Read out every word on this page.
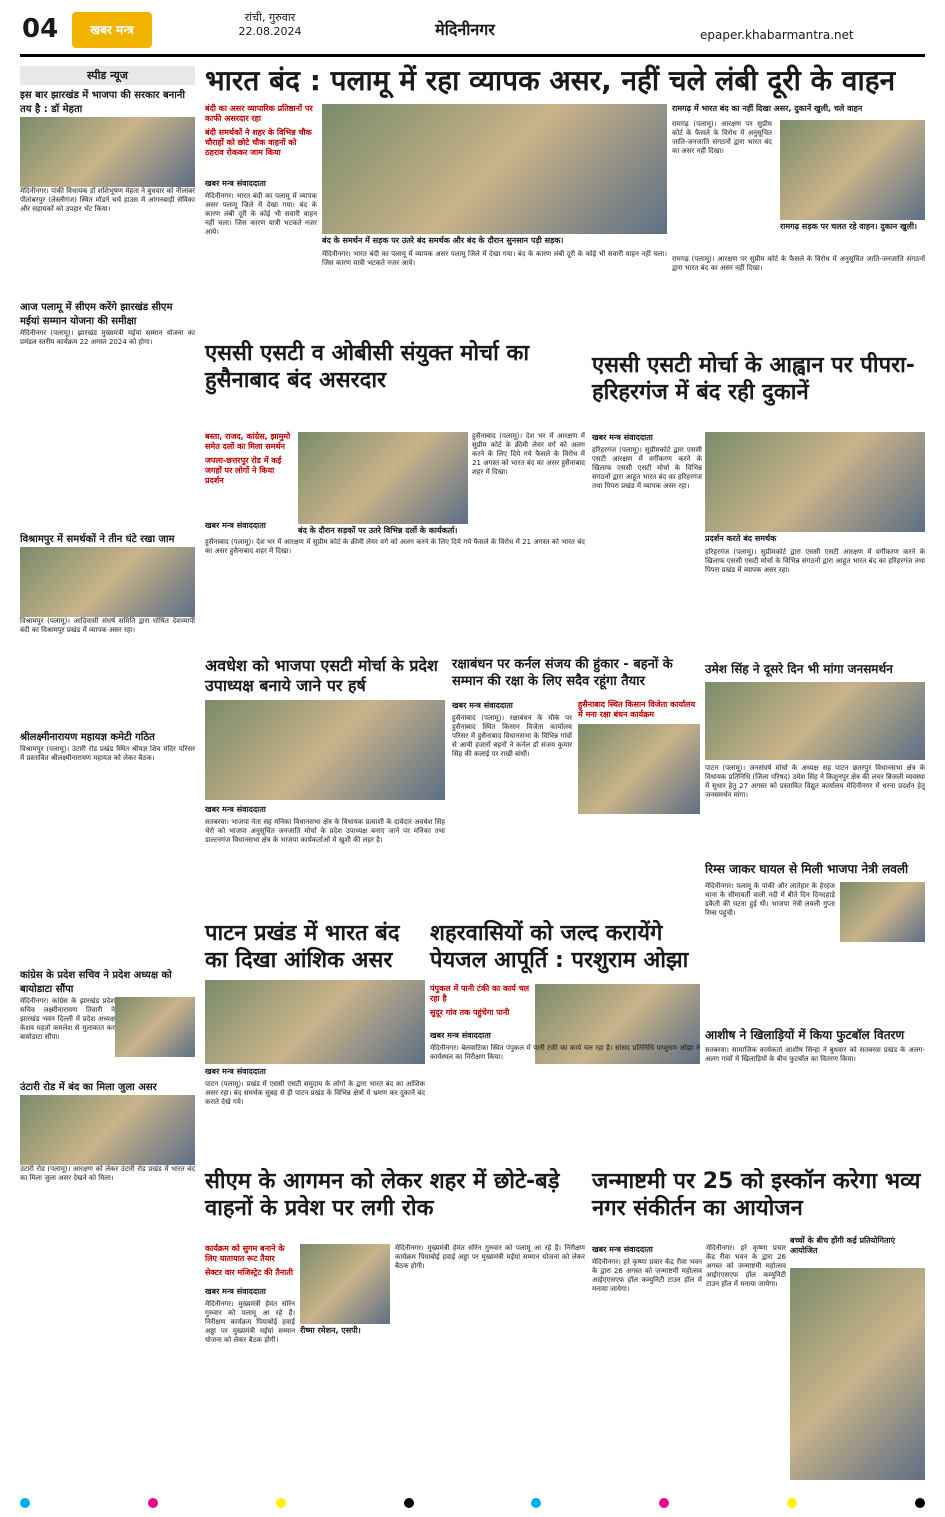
04	खबर मन्त्र
रांची, गुरुवार
22.08.2024	मेदिनीनगर	epaper.khabarmantra.net
स्पीड न्यूज
इस बार झारखंड में भाजपा की सरकार बनानी तय है : डॉ मेहता
मेदिनीनगर। पांकी विधायक डॉ शशिभूषण मेहता ने बुधवार को नीलांबर पीतांबरपुर (लेस्लीगंज) स्थित मॉडर्न चर्च हाउस में आंगनबाड़ी सेविका और सहायकों को उपहार भेंट किया।
आज पलामू में सीएम करेंगे झारखंड सीएम मईयां सम्मान योजना की समीक्षा
मेदिनीनगर (पलामू)। झारखंड मुख्यमंत्री मईयां सम्मान योजना का प्रमंडल स्तरीय कार्यक्रम 22 अगस्त 2024 को होगा।
विश्रामपुर में समर्थकों ने तीन घंटे रखा जाम
विश्रामपुर (पलामू)। आदिवासी संघर्ष समिति द्वारा घोषित देशव्यापी बंदी का विश्रामपुर प्रखंड में व्यापक असर रहा।
श्रीलक्ष्मीनारायण महायज्ञ कमेटी गठित
विश्रामपुर (पलामू)। उंटारी रोड प्रखंड स्थित श्रीयज्ञ शिव मंदिर परिसर में प्रस्तावित श्रीलक्ष्मीनारायण महायज्ञ को लेकर बैठक।
कांग्रेस के प्रदेश सचिव ने प्रदेश अध्यक्ष को बायोडाटा सौंपा
मेदिनीनगर। कांग्रेस के झारखंड प्रदेश सचिव लक्ष्मीनारायण तिवारी ने झारखंड भवन दिल्ली में प्रदेश अध्यक्ष केशव महतो कमलेश से मुलाकात कर बायोडाटा सौंपा।
उंटारी रोड में बंद का मिला जुला असर
उंटारी रोड (पलामू)। आरक्षण को लेकर उंटारी रोड प्रखंड में भारत बंद का मिला जुला असर देखने को मिला।
भारत बंद : पलामू में रहा व्यापक असर, नहीं चले लंबी दूरी के वाहन
बंदी का असर व्यापारिक प्रतिष्ठानों पर काफी असरदार रहा
बंदी समर्थकों ने शहर के विभिन्न चौक चौराहों को छोटे चौक वाहनों को ठहराव रोककर जाम किया
खबर मन्त्र संवाददाता
मेदिनीनगर। भारत बंदी का पलामू में व्यापक असर पलामू जिले में देखा गया। बंद के कारण लंबी दूरी के कोई भी सवारी वाहन नहीं चला। जिस कारण यात्री भटकते नजर आये।
बंद के समर्थन में सड़क पर उतरे बंद समर्थक और बंद के दौरान सुनसान पड़ी सड़क।
मेदिनीनगर। भारत बंदी का पलामू में व्यापक असर पलामू जिले में देखा गया। बंद के कारण लंबी दूरी के कोई भी सवारी वाहन नहीं चला। जिस कारण यात्री भटकते नजर आये।
रामगढ़ में भारत बंद का नहीं दिखा असर, दुकानें खुली, चले वाहन
रामगढ़ (पलामू)। आरक्षण पर सुप्रीम कोर्ट के फैसले के विरोध में अनुसूचित जाति-जनजाति संगठनों द्वारा भारत बंद का असर नहीं दिखा।
रामगढ़ सड़क पर चलत रहे वाहन। दुकान खुली।
रामगढ़ (पलामू)। आरक्षण पर सुप्रीम कोर्ट के फैसले के विरोध में अनुसूचित जाति-जनजाति संगठनों द्वारा भारत बंद का असर नहीं दिखा।
एससी एसटी व ओबीसी संयुक्त मोर्चा का हुसैनाबाद बंद असरदार
बस्ता, राजद, कांग्रेस, झामुमो समेत दलों का मिला समर्थन
जपला-छत्तरपुर रोड में कई जगहों पर लोगों ने किया प्रदर्शन
बंद के दौरान सड़कों पर उतरे विभिन्न दलों के कार्यकर्ता।
खबर मन्त्र संवाददाता
हुसैनाबाद (पलामू)। देश भर में आरक्षण में सुप्रीम कोर्ट के क्रीमी लेयर वर्ग को अलग करने के लिए दिये गये फैसले के विरोध में 21 अगस्त को भारत बंद का असर हुसैनाबाद शहर में दिखा।
हुसैनाबाद (पलामू)। देश भर में आरक्षण में सुप्रीम कोर्ट के क्रीमी लेयर वर्ग को अलग करने के लिए दिये गये फैसले के विरोध में 21 अगस्त को भारत बंद का असर हुसैनाबाद शहर में दिखा।
एससी एसटी मोर्चा के आह्वान पर पीपरा-हरिहरगंज में बंद रही दुकानें
खबर मन्त्र संवाददाता
हरिहरगंज (पलामू)। सुप्रीमकोर्ट द्वारा एससी एसटी आरक्षण में वर्गीकरण करने के खिलाफ एससी एसटी मोर्चा के विभिन्न संगठनों द्वारा आहूत भारत बंद का हरिहरगंज तथा पिपरा प्रखंड में व्यापक असर रहा।
प्रदर्शन करते बंद समर्थक
हरिहरगंज (पलामू)। सुप्रीमकोर्ट द्वारा एससी एसटी आरक्षण में वर्गीकरण करने के खिलाफ एससी एसटी मोर्चा के विभिन्न संगठनों द्वारा आहूत भारत बंद का हरिहरगंज तथा पिपरा प्रखंड में व्यापक असर रहा।
अवधेश को भाजपा एसटी मोर्चा के प्रदेश उपाध्यक्ष बनाये जाने पर हर्ष
खबर मन्त्र संवाददाता
सतबरवा। भाजपा नेता सह मनिका विधानसभा क्षेत्र के विधायक प्रत्याशी के दावेदार अवधेश सिंह चेरो को भाजपा अनुसूचित जनजाति मोर्चा के प्रदेश उपाध्यक्ष बनाए जाने पर मनिका तथा डाल्टनगंज विधानसभा क्षेत्र के भाजपा कार्यकर्ताओं में खुशी की लहर है।
रक्षाबंधन पर कर्नल संजय की हुंकार - बहनों के सम्मान की रक्षा के लिए सदैव रहूंगा तैयार
खबर मन्त्र संवाददाता
हुसैनाबाद (पलामू)। रक्षाबंधन के मौके पर हुसैनाबाद स्थित किसान विजेता कार्यालय परिसर में हुसैनाबाद विधानसभा के विभिन्न गांवों से आयी हजारों बहनों ने कर्नल डॉ संजय कुमार सिंह की कलाई पर राखी बांधी।
हुसैनाबाद स्थित किसान विजेता कार्यालय में मना रक्षा बंधन कार्यक्रम
उमेश सिंह ने दूसरे दिन भी मांगा जनसमर्थन
पाटन (पलामू)। जनसंघर्ष मोर्चा के अध्यक्ष सह पाटन छतरपुर विधानसभा क्षेत्र के विधायक प्रतिनिधि (जिला परिषद) उमेश सिंह ने किशुनपुर क्षेत्र की लचर बिजली व्यवस्था में सुधार हेतु 27 अगस्त को प्रस्तावित विद्युत कार्यालय मेदिनीनगर में धरना प्रदर्शन हेतु जनसमर्थन मांगा।
रिम्स जाकर घायल से मिली भाजपा नेत्री लवली
मेदिनीनगर। पलामू के पांकी और लातेहार के हेरहंज थाना के सीमावर्ती वाली नदी में बीते दिन दिनदहाड़े डकैती की घटना हुई थी। भाजपा नेत्री लवली गुप्ता रिम्स पहुंची।
आशीष ने खिलाड़ियों में किया फुटबॉल वितरण
सतबरवा। सामाजिक कार्यकर्ता आशीष सिन्हा ने बुधवार को सतबरवा प्रखंड के अलग-अलग गांवों में खिलाड़ियों के बीच फुटबॉल का वितरण किया।
पाटन प्रखंड में भारत बंद का दिखा आंशिक असर
खबर मन्त्र संवाददाता
पाटन (पलामू)। प्रखंड में एससी एसटी समुदाय के लोगों के द्वारा भारत बंद का आंशिक असर रहा। बंद समर्थक सुबह से ही पाटन प्रखंड के विभिन्न क्षेत्रों में भ्रमण कर दुकानें बंद कराते देखे गये।
शहरवासियों को जल्द करायेंगे पेयजल आपूर्ति : परशुराम ओझा
पंपुकल में पानी टंकी का कार्य चल रहा है
सुदूर गांव तक पहुंचेगा पानी
खबर मन्त्र संवाददाता
मेदिनीनगर। बेलवाटिका स्थित पंपुकल में पानी टंकी का कार्य चल रहा है। सांसद प्रतिनिधि परशुराम ओझा ने कार्यस्थल का निरीक्षण किया।
सीएम के आगमन को लेकर शहर में छोटे-बड़े वाहनों के प्रवेश पर लगी रोक
कार्यक्रम को सुगम बनाने के लिए यातायात रूट तैयार
सेक्टर वार मजिस्ट्रेट की तैनाती
खबर मन्त्र संवाददाता
मेदिनीनगर। मुख्यमंत्री हेमंत सोरेन गुरुवार को पलामू आ रहे हैं। निरीक्षण कार्यक्रम पियाबोई हवाई अड्डा पर मुख्यमंत्री मईयां सम्मान योजना को लेकर बैठक होगी।
रीष्मा रमेशन, एसपी।
मेदिनीनगर। मुख्यमंत्री हेमंत सोरेन गुरुवार को पलामू आ रहे हैं। निरीक्षण कार्यक्रम पियाबोई हवाई अड्डा पर मुख्यमंत्री मईयां सम्मान योजना को लेकर बैठक होगी।
जन्माष्टमी पर 25 को इस्कॉन करेगा भव्य नगर संकीर्तन का आयोजन
खबर मन्त्र संवाददाता
मेदिनीनगर। हरे कृष्णा प्रचार केंद्र रीवा भवन के द्वारा 26 अगस्त को जन्माष्टमी महोत्सव आईएएसएफ हॉल कम्युनिटी टाउन हॉल में मनाया जायेगा।
बच्चों के बीच होंगी कई प्रतियोगिताएं आयोजित
मेदिनीनगर। हरे कृष्णा प्रचार केंद्र रीवा भवन के द्वारा 26 अगस्त को जन्माष्टमी महोत्सव आईएएसएफ हॉल कम्युनिटी टाउन हॉल में मनाया जायेगा।
